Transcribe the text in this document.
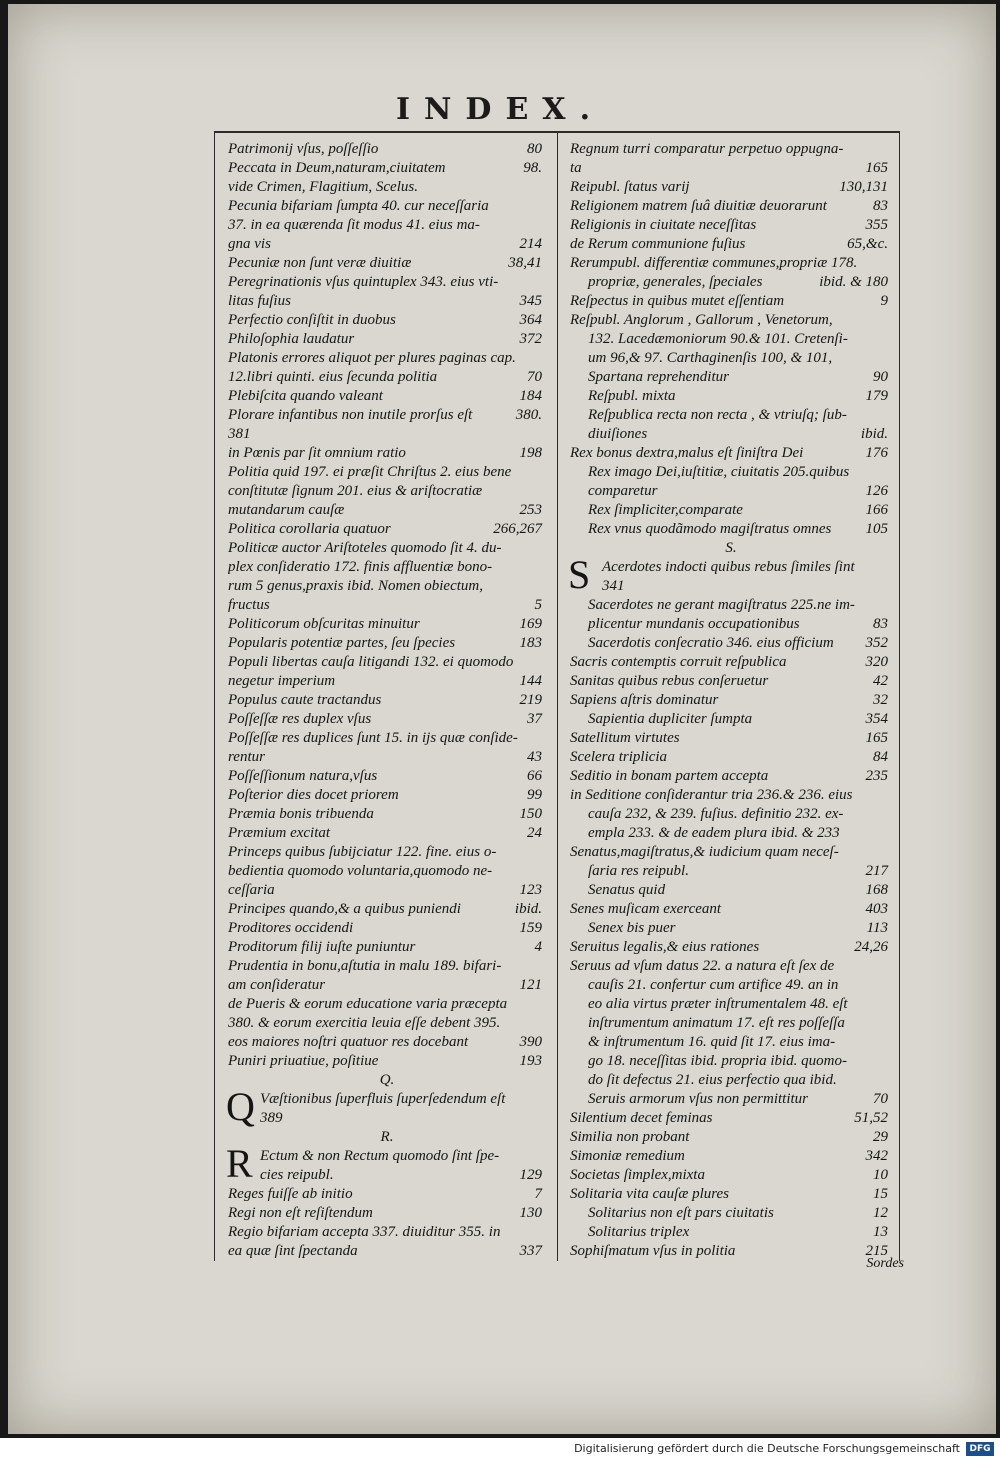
INDEX.
Patrimonij vſus, poſſeſſio	80
Peccata in Deum,naturam,ciuitatem	98.
vide Crimen, Flagitium, Scelus.
Pecunia bifariam ſumpta 40. cur neceſſaria
37. in ea quærenda ſit modus 41. eius ma-
gna vis	214
Pecuniæ non ſunt veræ diuitiæ	38,41
Peregrinationis vſus quintuplex 343. eius vti-
litas fuſius	345
Perfectio conſiſtit in duobus	364
Philoſophia laudatur	372
Platonis errores aliquot per plures paginas cap.
12.libri quinti. eius ſecunda politia	70
Plebiſcita quando valeant	184
Plorare infantibus non inutile prorſus eſt	380.
381
in Pœnis par ſit omnium ratio	198
Politia quid 197. ei præſit Chriſtus 2. eius bene
conſtitutæ ſignum 201. eius & ariſtocratiæ
mutandarum cauſæ	253
Politica corollaria quatuor	266,267
Politicæ auctor Ariſtoteles quomodo ſit 4. du-
plex conſideratio 172. finis affluentiæ bono-
rum 5 genus,praxis ibid. Nomen obiectum,
fructus	5
Politicorum obſcuritas minuitur	169
Popularis potentiæ partes, ſeu ſpecies	183
Populi libertas cauſa litigandi 132. ei quomodo
negetur imperium	144
Populus caute tractandus	219
Poſſeſſæ res duplex vſus	37
Poſſeſſæ res duplices ſunt 15. in ijs quæ conſide-
rentur	43
Poſſeſſionum natura,vſus	66
Poſterior dies docet priorem	99
Præmia bonis tribuenda	150
Præmium excitat	24
Princeps quibus ſubijciatur 122. fine. eius o-
bedientia quomodo voluntaria,quomodo ne-
ceſſaria	123
Principes quando,& a quibus puniendi	ibid.
Proditores occidendi	159
Proditorum filij iuſte puniuntur	4
Prudentia in bonu,aſtutia in malu 189. bifari-
am conſideratur	121
de Pueris & eorum educatione varia præcepta
380. & eorum exercitia leuia eſſe debent 395.
eos maiores noſtri quatuor res docebant	390
Puniri priuatiue, poſitiue	193
Q.
Q Væſtionibus ſuperfluis ſuperſedendum eſt
389
R.
R Ectum & non Rectum quomodo ſint ſpe-
cies reipubl.	129
Reges fuiſſe ab initio	7
Regi non eſt reſiſtendum	130
Regio bifariam accepta 337. diuiditur 355. in
ea quæ ſint ſpectanda	337
Regnum turri comparatur perpetuo oppugna-
ta	165
Reipubl. ſtatus varij	130,131
Religionem matrem ſuâ diuitiæ deuorarunt	83
Religionis in ciuitate neceſſitas	355
de Rerum communione fuſius	65,&c.
Rerumpubl. differentiæ communes,propriæ 178.
propriæ, generales, ſpeciales	ibid. & 180
Reſpectus in quibus mutet eſſentiam	9
Reſpubl. Anglorum , Gallorum , Venetorum,
132. Lacedæmoniorum 90.& 101. Cretenſi-
um 96,& 97. Carthaginenſis 100, & 101,
Spartana reprehenditur	90
Reſpubl. mixta	179
Reſpublica recta non recta , & vtriuſq; ſub-
diuiſiones	ibid.
Rex bonus dextra,malus eſt ſiniſtra Dei	176
Rex imago Dei,iuſtitiæ, ciuitatis 205.quibus
comparetur	126
Rex ſimpliciter,comparate	166
Rex vnus quodãmodo magiſtratus omnes 105
S.
S Acerdotes indocti quibus rebus ſimiles ſint
341
Sacerdotes ne gerant magiſtratus 225.ne im-
plicentur mundanis occupationibus	83
Sacerdotis conſecratio 346. eius officium 352
Sacris contemptis corruit reſpublica	320
Sanitas quibus rebus conſeruetur	42
Sapiens aſtris dominatur	32
Sapientia dupliciter ſumpta	354
Satellitum virtutes	165
Scelera triplicia	84
Seditio in bonam partem accepta	235
in Seditione conſiderantur tria 236.& 236. eius
cauſa 232, & 239. fuſius. definitio 232. ex-
empla 233. & de eadem plura ibid. & 233
Senatus,magiſtratus,& iudicium quam neceſ-
ſaria res reipubl.	217
Senatus quid	168
Senes muſicam exerceant	403
Senex bis puer	113
Seruitus legalis,& eius rationes	24,26
Seruus ad vſum datus 22. a natura eſt ſex de
cauſis 21. confertur cum artifice 49. an in
eo alia virtus præter inſtrumentalem 48. eſt
inſtrumentum animatum 17. eſt res poſſeſſa
& inſtrumentum 16. quid ſit 17. eius ima-
go 18. neceſſitas ibid. propria ibid. quomo-
do ſit defectus 21. eius perfectio qua ibid.
Seruis armorum vſus non permittitur	70
Silentium decet feminas	51,52
Similia non probant	29
Simoniæ remedium	342
Societas ſimplex,mixta	10
Solitaria vita cauſæ plures	15
Solitarius non eſt pars ciuitatis	12
Solitarius triplex	13
Sophiſmatum vſus in politia	215
Sordes
Digitalisierung gefördert durch die Deutsche Forschungsgemeinschaft	DFG
